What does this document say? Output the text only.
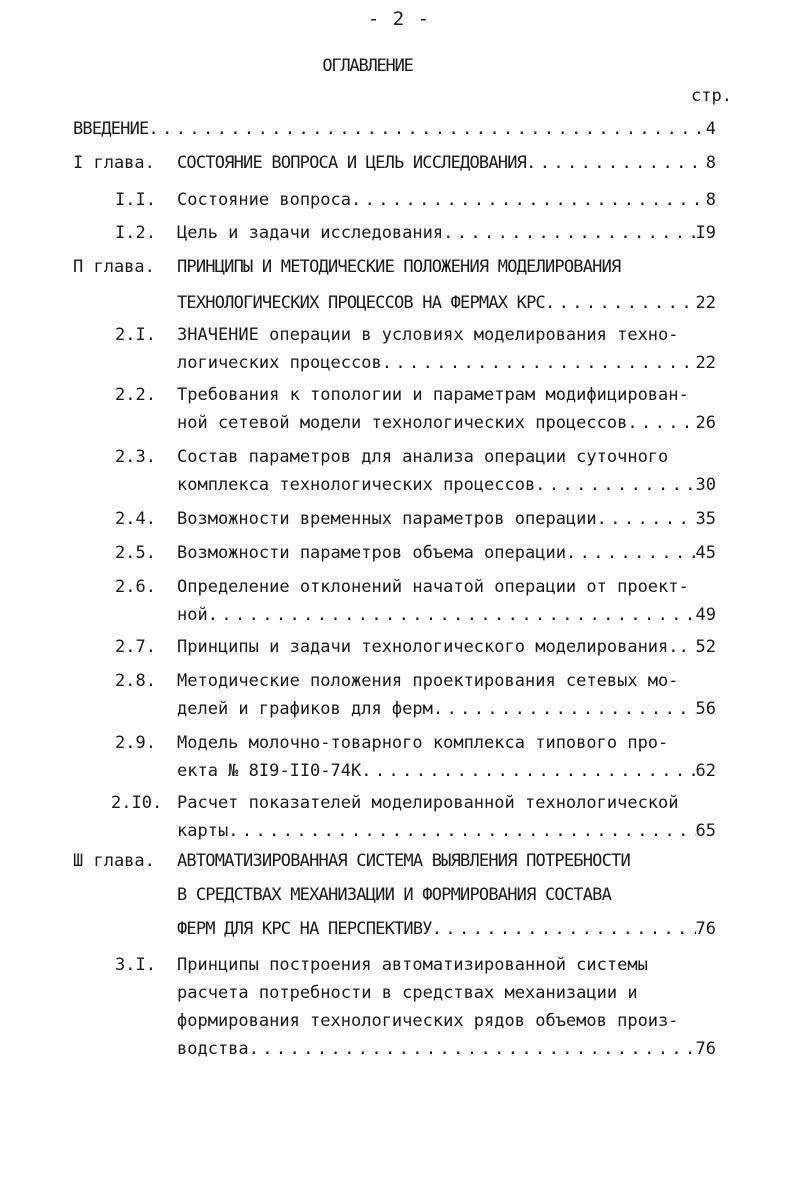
- 2 -
ОГЛАВЛЕНИЕ
стр.
ВВЕДЕНИЕ .....	4
I глава. СОСТОЯНИЕ ВОПРОСА И ЦЕЛЬ ИССЛЕДОВАНИЯ .....	8
I.I. Состояние вопроса .....	8
I.2. Цель и задачи исследования .....	I9
П глава. ПРИНЦИПЫ И МЕТОДИЧЕСКИЕ ПОЛОЖЕНИЯ МОДЕЛИРОВАНИЯ
ТЕХНОЛОГИЧЕСКИХ ПРОЦЕССОВ НА ФЕРМАХ КРС .....	22
2.I. ЗНАЧЕНИЕ операции в условиях моделирования техно-
логических процессов .....	22
2.2. Требования к топологии и параметрам модифицирован-
ной сетевой модели технологических процессов .....	26
2.3. Состав параметров для анализа операции суточного
комплекса технологических процессов .....	30
2.4. Возможности временных параметров операции .....	35
2.5. Возможности параметров объема операции .....	45
2.6. Определение отклонений начатой операции от проект-
ной .....	49
2.7. Принципы и задачи технологического моделирования. ..... 52
2.8. Методические положения проектирования сетевых мо-
делей и графиков для ферм .....	56
2.9. Модель молочно-товарного комплекса типового про-
екта № 8I9-II0-74К .....	62
2.I0. Расчет показателей моделированной технологической
карты .....	65
Ш глава. АВТОМАТИЗИРОВАННАЯ СИСТЕМА ВЫЯВЛЕНИЯ ПОТРЕБНОСТИ
В СРЕДСТВАХ МЕХАНИЗАЦИИ И ФОРМИРОВАНИЯ СОСТАВА
ФЕРМ ДЛЯ КРС НА ПЕРСПЕКТИВУ .....	76
3.I. Принципы построения автоматизированной системы
расчета потребности в средствах механизации и
формирования технологических рядов объемов произ-
водства .....	76
